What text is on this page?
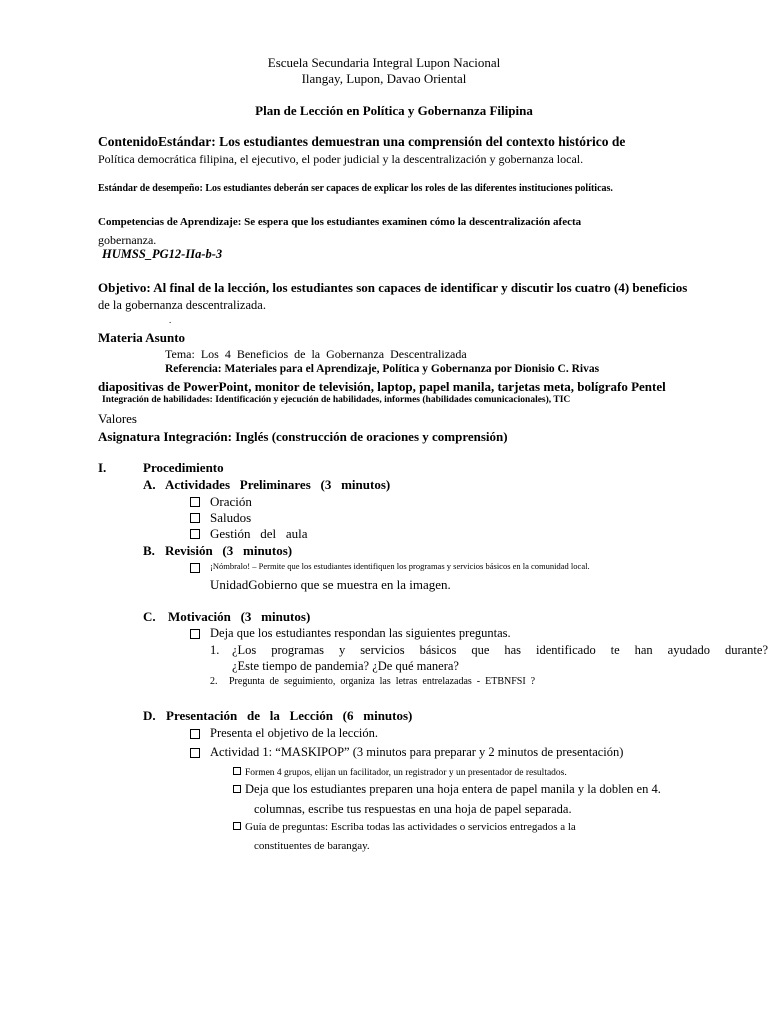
Escuela Secundaria Integral Lupon Nacional
Ilangay, Lupon, Davao Oriental
Plan de Lección en Política y Gobernanza Filipina
ContenidoEstándar: Los estudiantes demuestran una comprensión del contexto histórico de
Política democrática filipina, el ejecutivo, el poder judicial y la descentralización y gobernanza local.
Estándar de desempeño: Los estudiantes deberán ser capaces de explicar los roles de las diferentes instituciones políticas.
Competencias de Aprendizaje: Se espera que los estudiantes examinen cómo la descentralización afecta
gobernanza.
HUMSS_PG12-IIa-b-3
Objetivo: Al final de la lección, los estudiantes son capaces de identificar y discutir los cuatro (4) beneficios
de la gobernanza descentralizada.
.
Materia Asunto
Tema:  Los  4  Beneficios  de  la  Gobernanza  Descentralizada
Referencia: Materiales para el Aprendizaje, Política y Gobernanza por Dionisio C. Rivas
diapositivas de PowerPoint, monitor de televisión, laptop, papel manila, tarjetas meta, bolígrafo Pentel
Integración de habilidades: Identificación y ejecución de habilidades, informes (habilidades comunicacionales), TIC
Valores
Asignatura Integración: Inglés (construcción de oraciones y comprensión)
I.	Procedimiento
A. Actividades   Preliminares   (3   minutos)
Oración
Saludos
Gestión   del   aula
B. Revisión   (3   minutos)
¡Nómbralo! – Permite que los estudiantes identifiquen los programas y servicios básicos en la comunidad local.
UnidadGobierno que se muestra en la imagen.
C. Motivación   (3   minutos)
Deja que los estudiantes respondan las siguientes preguntas.
1. ¿Los programas y servicios básicos que has identificado te han ayudado durante?
¿Este tiempo de pandemia? ¿De qué manera?
2. Pregunta  de  seguimiento,  organiza  las  letras  entrelazadas  -  ETBNFSI  ?
D. Presentación   de   la   Lección   (6   minutos)
Presenta el objetivo de la lección.
Actividad 1: “MASKIPOP” (3 minutos para preparar y 2 minutos de presentación)
Formen 4 grupos, elijan un facilitador, un registrador y un presentador de resultados.
Deja que los estudiantes preparen una hoja entera de papel manila y la doblen en 4.
columnas, escribe tus respuestas en una hoja de papel separada.
Guía de preguntas: Escriba todas las actividades o servicios entregados a la
constituentes de barangay.
